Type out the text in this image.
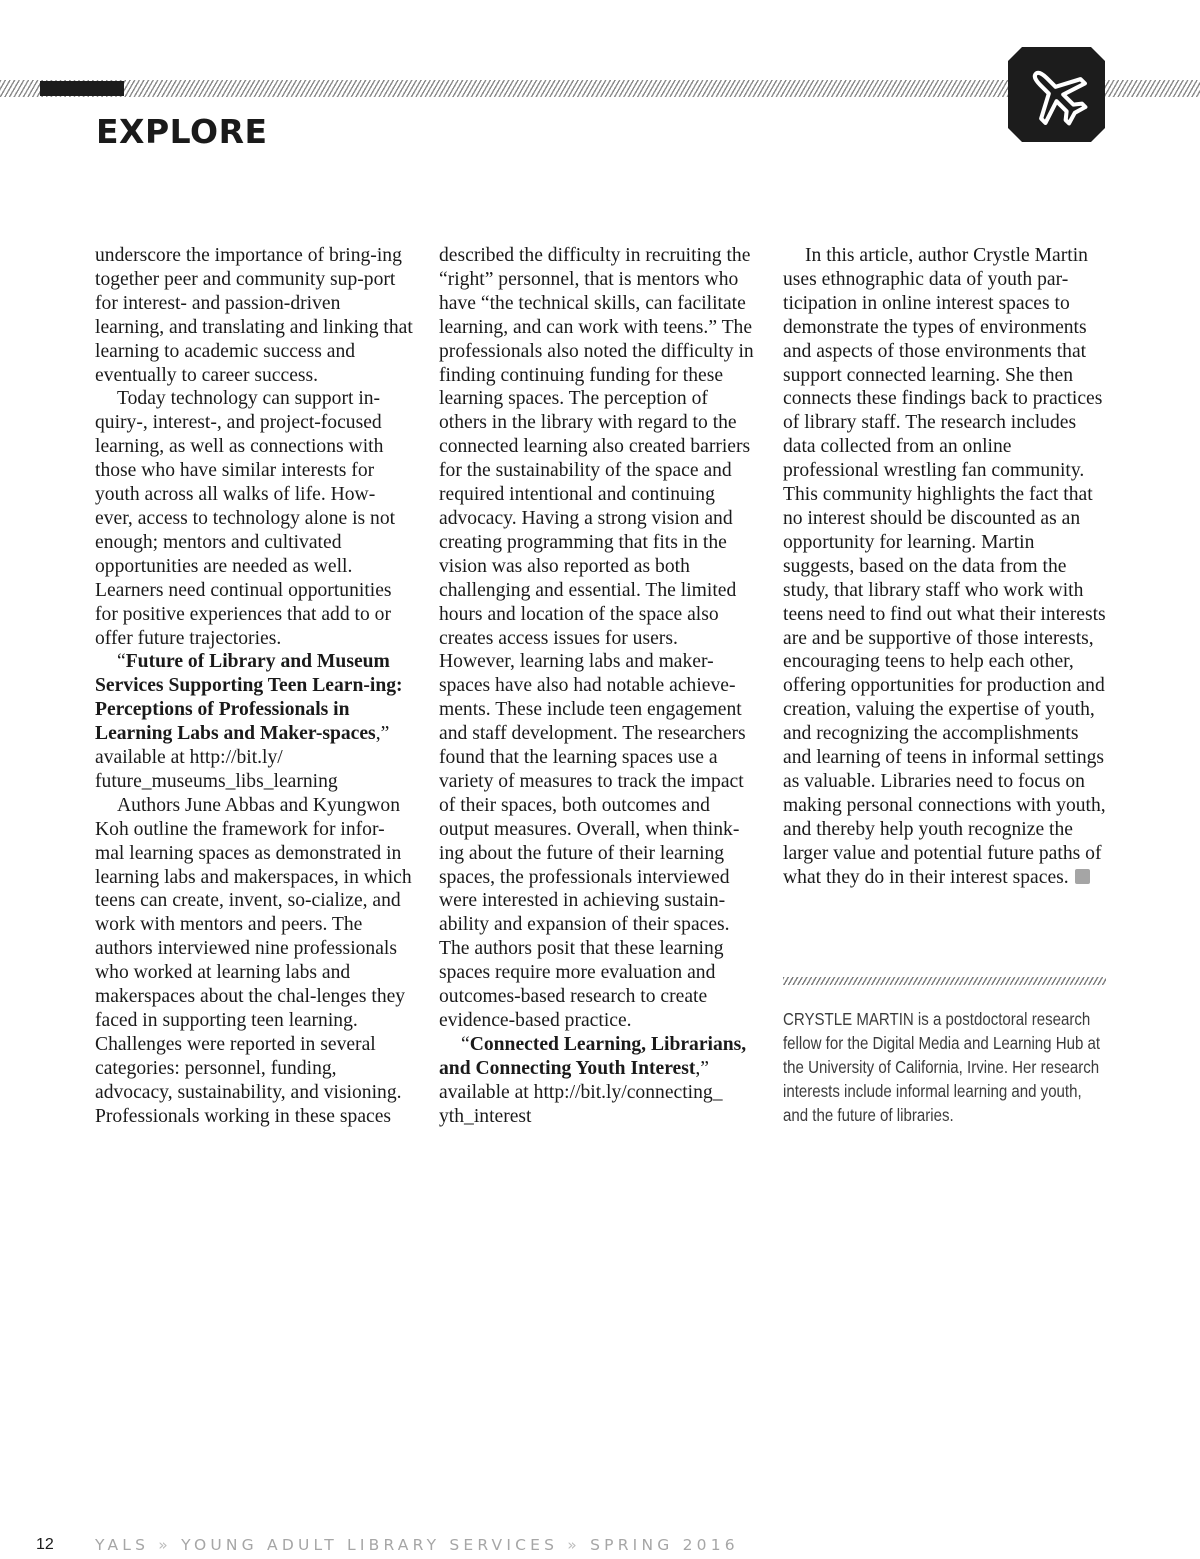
EXPLORE

underscore the importance of bring-ing together peer and community sup-port for interest- and passion-driven learning, and translating and linking that learning to academic success and eventually to career success.

Today technology can support in-quiry-, interest-, and project-focused learning, as well as connections with those who have similar interests for youth across all walks of life. How-ever, access to technology alone is not enough; mentors and cultivated opportunities are needed as well. Learners need continual opportunities for positive experiences that add to or offer future trajectories.

“Future of Library and Museum Services Supporting Teen Learn-ing: Perceptions of Professionals in Learning Labs and Maker-spaces,” available at http://bit.ly/ future_museums_libs_learning

Authors June Abbas and Kyungwon Koh outline the framework for infor-mal learning spaces as demonstrated in learning labs and makerspaces, in which teens can create, invent, so-cialize, and work with mentors and peers. The authors interviewed nine professionals who worked at learning labs and makerspaces about the chal-lenges they faced in supporting teen learning. Challenges were reported in several categories: personnel, funding, advocacy, sustainability, and visioning. Professionals working in these spaces

described the difficulty in recruiting the “right” personnel, that is mentors who have “the technical skills, can facilitate learning, and can work with teens.” The professionals also noted the difficulty in finding continuing funding for these learning spaces. The perception of others in the library with regard to the connected learning also created barriers for the sustainability of the space and required intentional and continuing advocacy. Having a strong vision and creating programming that fits in the vision was also reported as both challenging and essential. The limited hours and location of the space also creates access issues for users. However, learning labs and maker-spaces have also had notable achieve-ments. These include teen engagement and staff development. The researchers found that the learning spaces use a variety of measures to track the impact of their spaces, both outcomes and output measures. Overall, when think-ing about the future of their learning spaces, the professionals interviewed were interested in achieving sustain-ability and expansion of their spaces. The authors posit that these learning spaces require more evaluation and outcomes-based research to create evidence-based practice.

“Connected Learning, Librarians, and Connecting Youth Interest,” available at http://bit.ly/connecting_ yth_interest

In this article, author Crystle Martin uses ethnographic data of youth par-ticipation in online interest spaces to demonstrate the types of environments and aspects of those environments that support connected learning. She then connects these findings back to practices of library staff. The research includes data collected from an online professional wrestling fan community. This community highlights the fact that no interest should be discounted as an opportunity for learning. Martin suggests, based on the data from the study, that library staff who work with teens need to find out what their interests are and be supportive of those interests, encouraging teens to help each other, offering opportunities for production and creation, valuing the expertise of youth, and recognizing the accomplishments and learning of teens in informal settings as valuable. Libraries need to focus on making personal connections with youth, and thereby help youth recognize the larger value and potential future paths of what they do in their interest spaces.

CRYSTLE MARTIN is a postdoctoral research fellow for the Digital Media and Learning Hub at the University of California, Irvine. Her research interests include informal learning and youth, and the future of libraries.

12	YALS » YOUNG ADULT LIBRARY SERVICES » SPRING 2016
